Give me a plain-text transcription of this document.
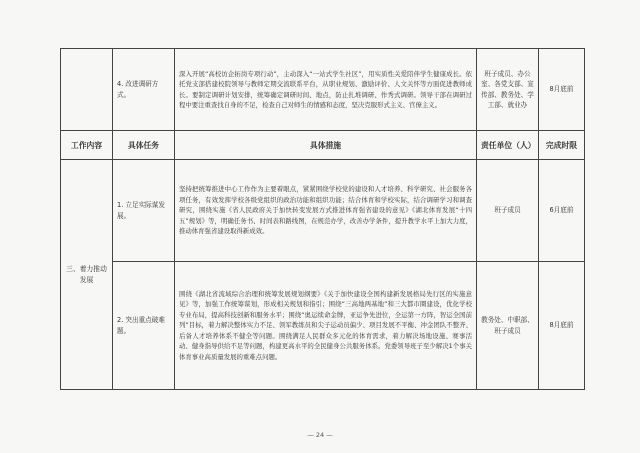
	4. 改进调研方式。	深入开展“高校访企拓岗专项行动”，主动深入“一站式学生社区”，用实质性关爱陪伴学生健康成长。依托党支部搭建校院领导与教师定期交流联系平台，从职业规划、激励评价、人文关怀等方面促进教师成长。要制定调研计划安排，统筹确定调研时间、地点，防止扎堆调研、作秀式调研。领导干部在调研过程中要注重查找自身的不足，检查自己对师生的情感和态度，坚决克服形式主义、官僚主义。	班子成员、办公室、各党支部、宣传部、教务处、学工部、就业办	8月底前
工作内容	具体任务	具体措施	责任单位（人）	完成时限
三、着力推动发展	1. 立足实际谋发展。	坚持把统筹推进中心工作作为主要着眼点，紧紧围绕学校党的建设和人才培养、科学研究、社会服务各项任务，有效发挥学校各级党组织的政治功能和组织功能；结合体育和学校实际，结合调研学习和调查研究，围绕实施《省人民政府关于加快转变发展方式推进体育强省建设的意见》《湖北体育发展“十四五”规划》等，明确任务书、时间表和路线图，在规范办学，改善办学条件，提升教学水平上加大力度，推动体育强省建设取得新成效。	班子成员	6月底前
	2. 突出重点破难题。	围绕《湖北省流域综合治理和统筹发展规划纲要》《关于加快建设全国构建新发展格局先行区的实施意见》等，加强工作统筹谋划，形成相关规划和指引；围绕“三高地两基地”和三大都市圈建设，优化学校专业布局，提高科技创新和服务水平；围绕“奥运续命金牌，亚运争先进位，全运第一方阵，智运全国前列”目标，着力解决整体实力不足、领军教练员和尖子运动员偏少、项目发展不平衡、冲金团队不整齐、后备人才培养体系不健全等问题。围绕满足人民群众多元化的体育需求，着力解决场地设施、赛事活动、健身指导供给不足等问题，构建更高水平的全民健身公共服务体系。党委领导班子至少解决1个事关体育事业高质量发展的重难点问题。	教务处、中职部、班子成员	8月底前
— 24 —
